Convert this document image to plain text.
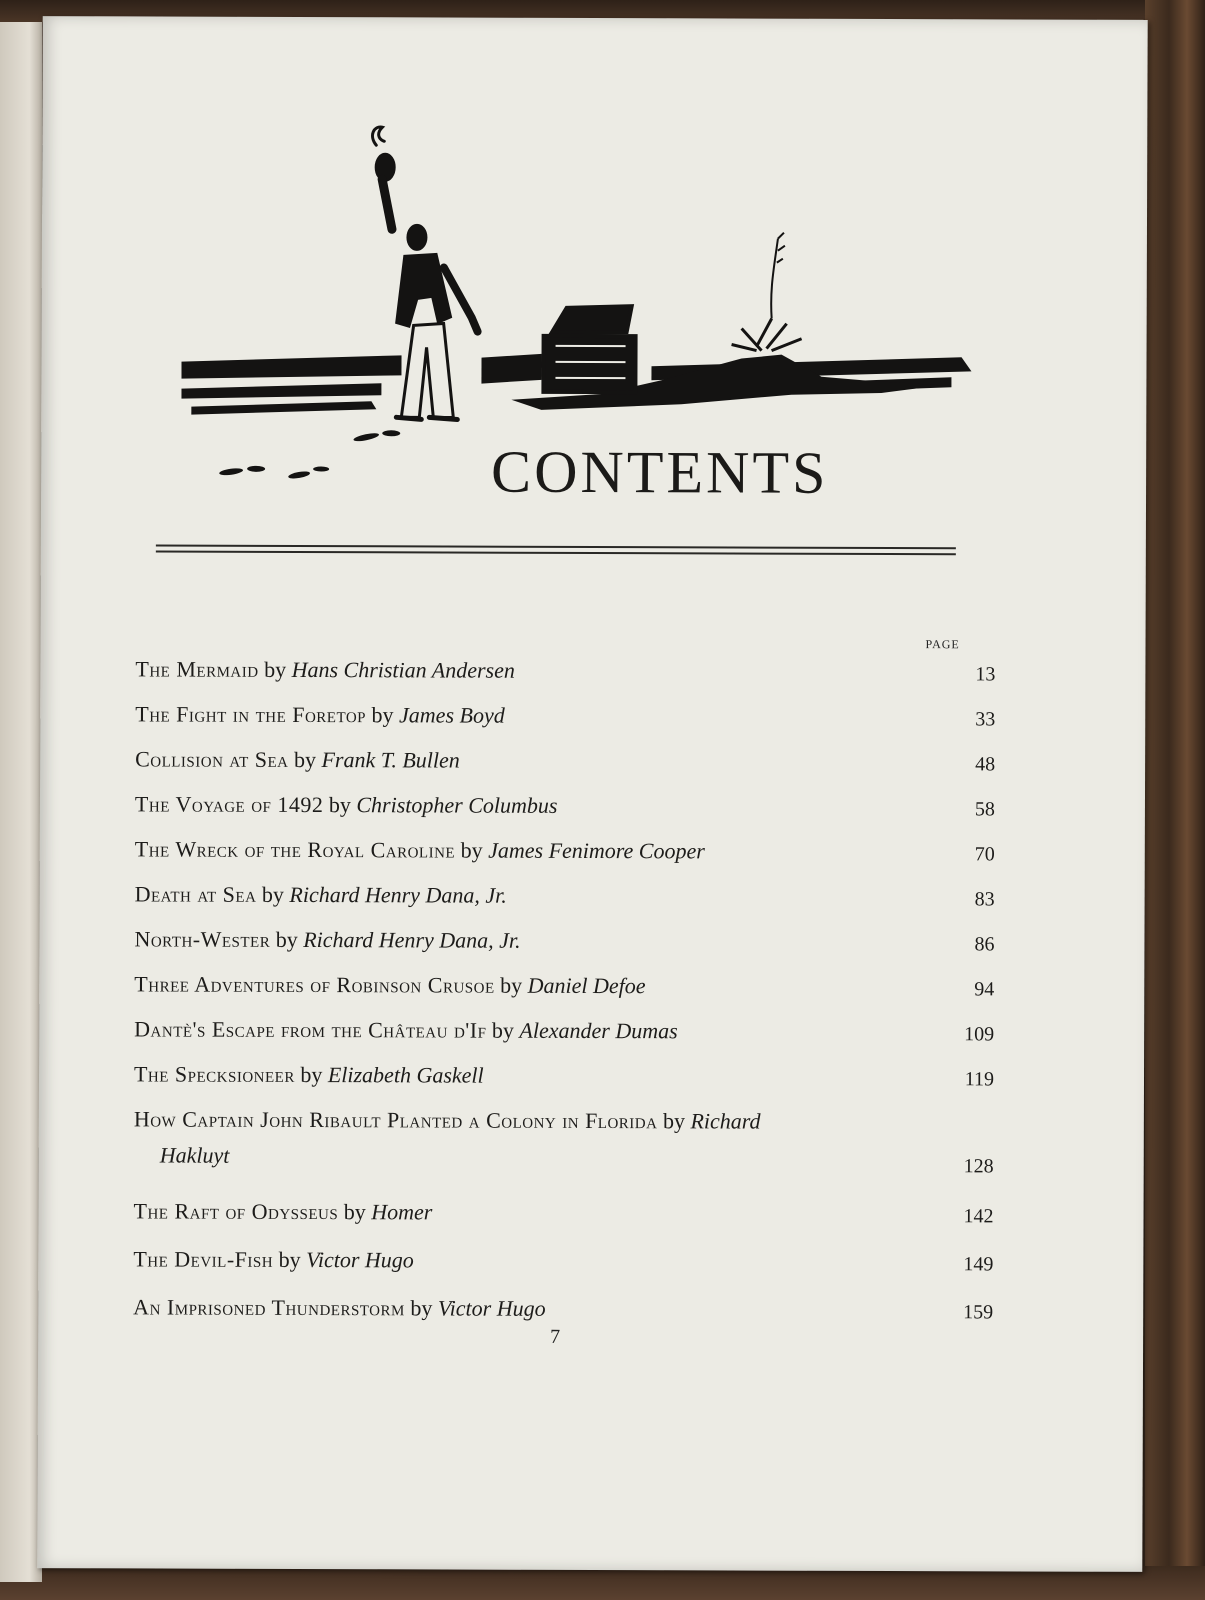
CONTENTS
PAGE
The Mermaid by Hans Christian Andersen	13
The Fight in the Foretop by James Boyd	33
Collision at Sea by Frank T. Bullen	48
The Voyage of 1492 by Christopher Columbus	58
The Wreck of the Royal Caroline by James Fenimore Cooper	70
Death at Sea by Richard Henry Dana, Jr.	83
North-Wester by Richard Henry Dana, Jr.	86
Three Adventures of Robinson Crusoe by Daniel Defoe	94
Dantè's Escape from the Château d'If by Alexander Dumas	109
The Specksioneer by Elizabeth Gaskell	119
How Captain John Ribault Planted a Colony in Florida by Richard
Hakluyt	128
The Raft of Odysseus by Homer	142
The Devil-Fish by Victor Hugo	149
An Imprisoned Thunderstorm by Victor Hugo	159
7
